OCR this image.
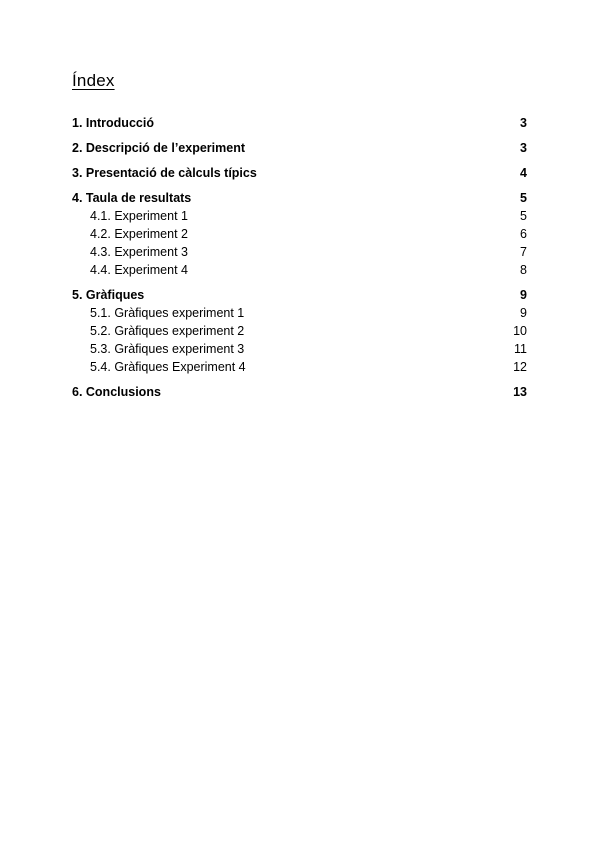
Índex
1. Introducció	3
2. Descripció de l’experiment	3
3. Presentació de càlculs típics	4
4. Taula de resultats	5
4.1. Experiment 1	5
4.2. Experiment 2	6
4.3. Experiment 3	7
4.4. Experiment 4	8
5. Gràfiques	9
5.1. Gràfiques experiment 1	9
5.2. Gràfiques experiment 2	10
5.3. Gràfiques experiment 3	11
5.4. Gràfiques Experiment 4	12
6. Conclusions	13
